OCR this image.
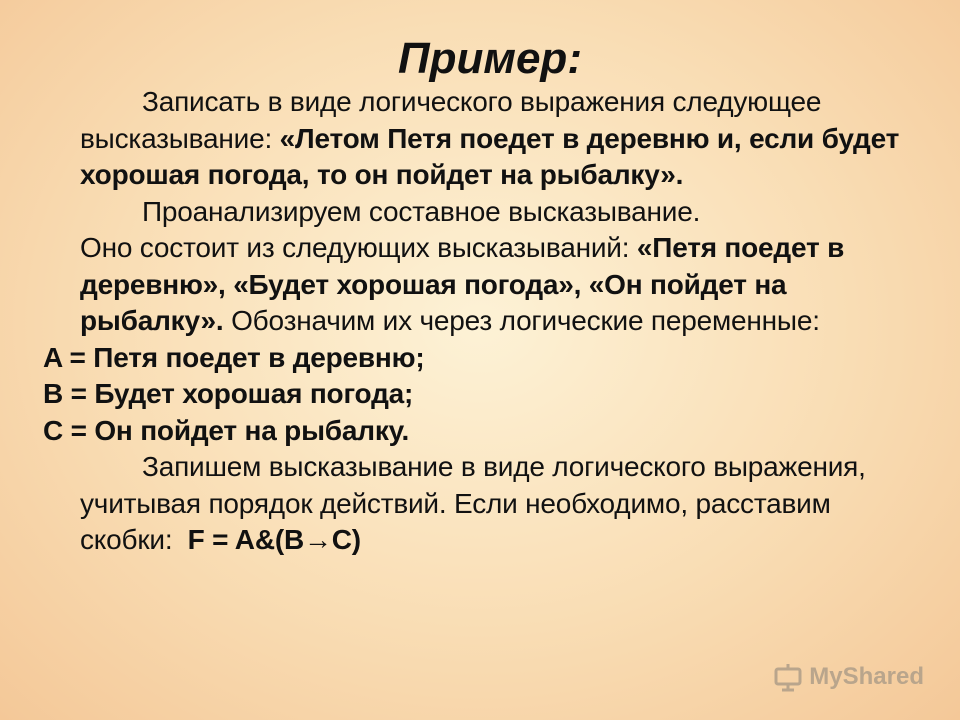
Пример:

Записать в виде логического выражения следующее высказывание: «Летом Петя поедет в деревню и, если будет хорошая погода, то он пойдет на рыбалку».

Проанализируем составное высказывание.

Оно состоит из следующих высказываний: «Петя поедет в деревню», «Будет хорошая погода», «Он пойдет на рыбалку». Обозначим их через логические переменные:

A = Петя поедет в деревню;

B = Будет хорошая погода;

C = Он пойдет на рыбалку.

Запишем высказывание в виде логического выражения, учитывая порядок действий. Если необходимо, расставим скобки: F = A&(B→C)

MyShared
